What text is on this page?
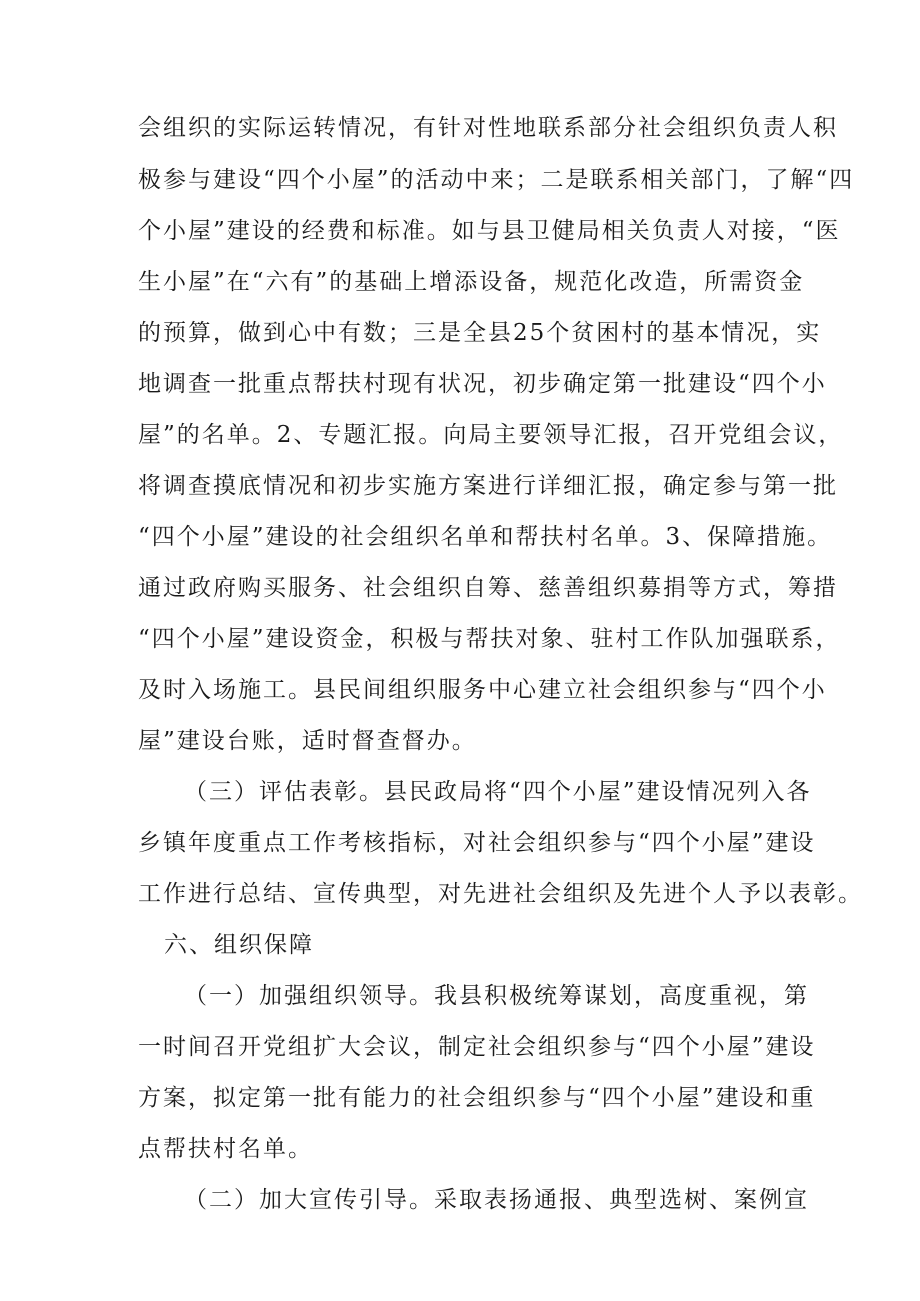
会组织的实际运转情况，有针对性地联系部分社会组织负责人积
极参与建设“四个小屋”的活动中来；二是联系相关部门，了解“四
个小屋”建设的经费和标准。如与县卫健局相关负责人对接，“医
生小屋”在“六有”的基础上增添设备，规范化改造，所需资金
的预算，做到心中有数；三是全县25个贫困村的基本情况，实
地调查一批重点帮扶村现有状况，初步确定第一批建设“四个小
屋”的名单。2、专题汇报。向局主要领导汇报，召开党组会议，
将调查摸底情况和初步实施方案进行详细汇报，确定参与第一批
“四个小屋”建设的社会组织名单和帮扶村名单。3、保障措施。
通过政府购买服务、社会组织自筹、慈善组织募捐等方式，筹措
“四个小屋”建设资金，积极与帮扶对象、驻村工作队加强联系，
及时入场施工。县民间组织服务中心建立社会组织参与“四个小
屋”建设台账，适时督查督办。
（三）评估表彰。县民政局将“四个小屋”建设情况列入各
乡镇年度重点工作考核指标，对社会组织参与“四个小屋”建设
工作进行总结、宣传典型，对先进社会组织及先进个人予以表彰。
六、组织保障
（一）加强组织领导。我县积极统筹谋划，高度重视，第
一时间召开党组扩大会议，制定社会组织参与“四个小屋”建设
方案，拟定第一批有能力的社会组织参与“四个小屋”建设和重
点帮扶村名单。
（二）加大宣传引导。采取表扬通报、典型选树、案例宣
